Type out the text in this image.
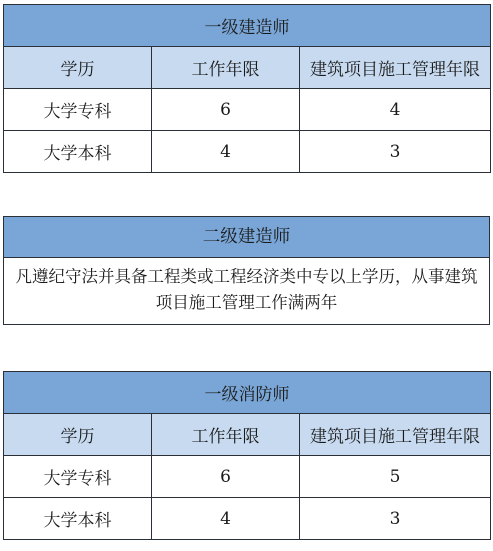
一级建造师		
学历	工作年限	建筑项目施工管理年限
大学专科	6	4
大学本科	4	3
二级建造师
凡遵纪守法并具备工程类或工程经济类中专以上学历，从事建筑项目施工管理工作满两年
一级消防师		
学历	工作年限	建筑项目施工管理年限
大学专科	6	5
大学本科	4	3
